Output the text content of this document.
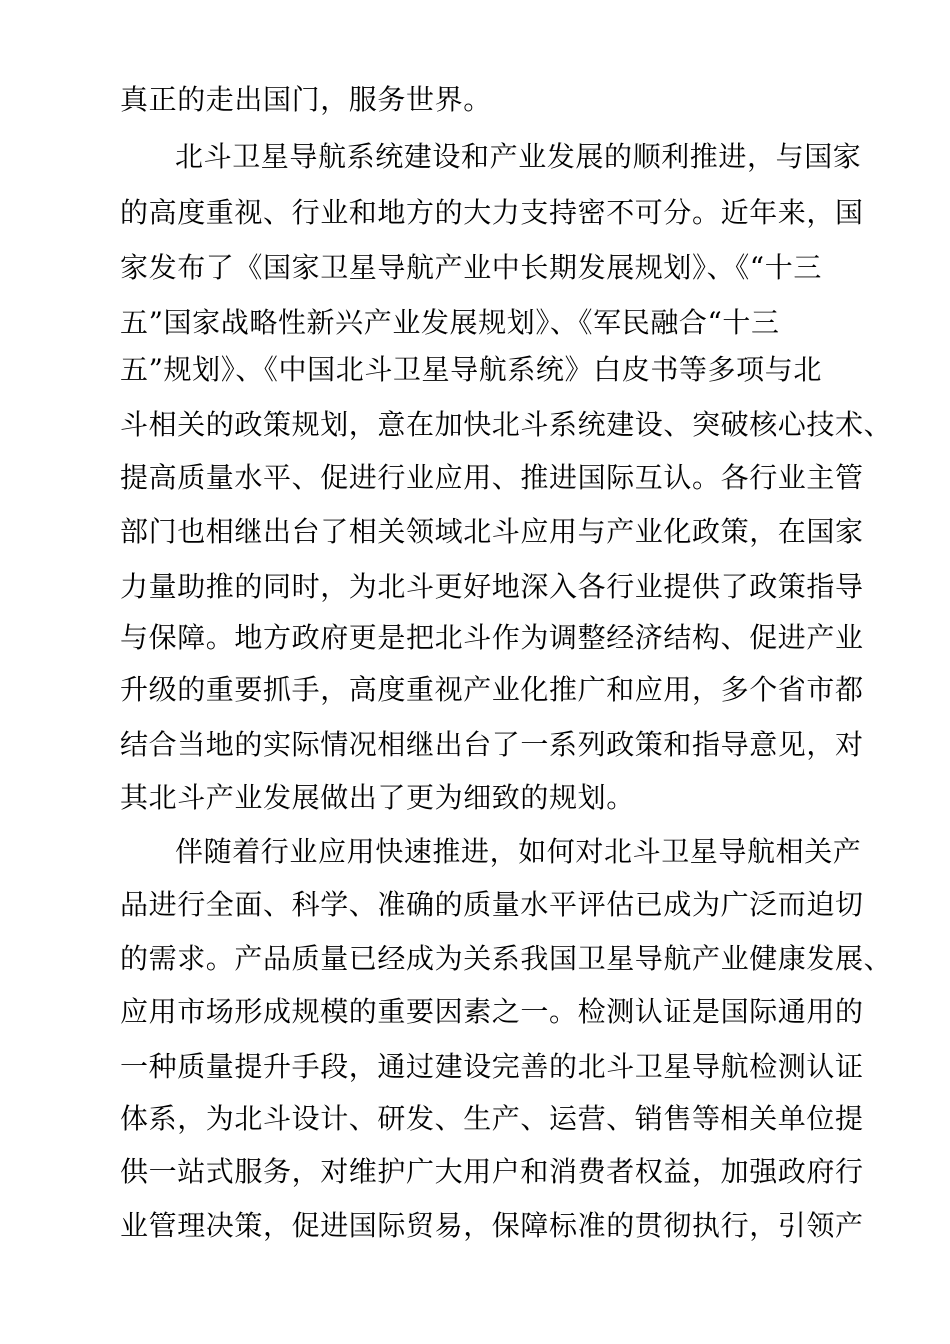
真正的走出国门，服务世界。
北斗卫星导航系统建设和产业发展的顺利推进，与国家
的高度重视、行业和地方的大力支持密不可分。近年来，国
家发布了《国家卫星导航产业中长期发展规划》、《“十三
五”国家战略性新兴产业发展规划》、《军民融合“十三
五”规划》、《中国北斗卫星导航系统》白皮书等多项与北
斗相关的政策规划，意在加快北斗系统建设、突破核心技术、
提高质量水平、促进行业应用、推进国际互认。各行业主管
部门也相继出台了相关领域北斗应用与产业化政策，在国家
力量助推的同时，为北斗更好地深入各行业提供了政策指导
与保障。地方政府更是把北斗作为调整经济结构、促进产业
升级的重要抓手，高度重视产业化推广和应用，多个省市都
结合当地的实际情况相继出台了一系列政策和指导意见，对
其北斗产业发展做出了更为细致的规划。
伴随着行业应用快速推进，如何对北斗卫星导航相关产
品进行全面、科学、准确的质量水平评估已成为广泛而迫切
的需求。产品质量已经成为关系我国卫星导航产业健康发展、
应用市场形成规模的重要因素之一。检测认证是国际通用的
一种质量提升手段，通过建设完善的北斗卫星导航检测认证
体系，为北斗设计、研发、生产、运营、销售等相关单位提
供一站式服务，对维护广大用户和消费者权益，加强政府行
业管理决策，促进国际贸易，保障标准的贯彻执行，引领产
